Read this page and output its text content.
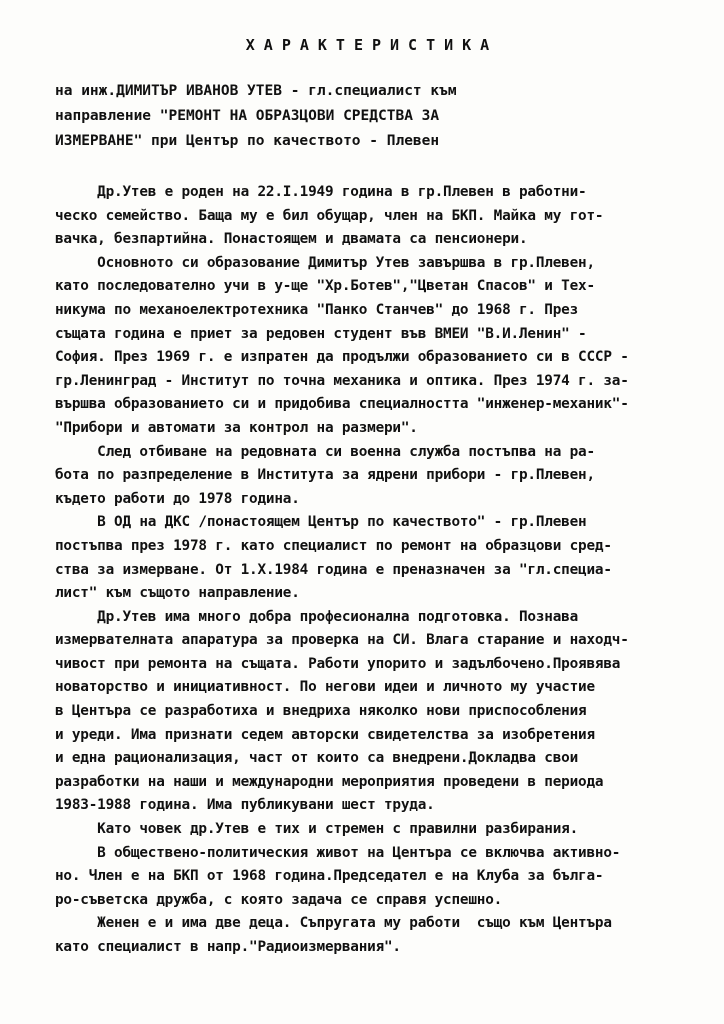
ХАРАКТЕРИСТИКА
на инж.ДИМИТЪР ИВАНОВ УТЕВ - гл.специалист към
направление "РЕМОНТ НА ОБРАЗЦОВИ СРЕДСТВА ЗА
ИЗМЕРВАНЕ" при Център по качеството - Плевен
Др.Утев е роден на 22.I.1949 година в гр.Плевен в работни-
ческо семейство. Баща му е бил обущар, член на БКП. Майка му гот-
вачка, безпартийна. Понастоящем и двамата са пенсионери.
Основното си образование Димитър Утев завършва в гр.Плевен,
като последователно учи в у-ще "Хр.Ботев","Цветан Спасов" и Тех-
никума по механоелектротехника "Панко Станчев" до 1968 г. През
същата година е приет за редовен студент във ВМЕИ "В.И.Ленин" -
София. През 1969 г. е изпратен да продължи образованието си в СССР -
гр.Ленинград - Институт по точна механика и оптика. През 1974 г. за-
вършва образованието си и придобива специалността "инженер-механик"-
"Прибори и автомати за контрол на размери".
След отбиване на редовната си военна служба постъпва на ра-
бота по разпределение в Института за ядрени прибори - гр.Плевен,
където работи до 1978 година.
В ОД на ДКС /понастоящем Център по качеството" - гр.Плевен
постъпва през 1978 г. като специалист по ремонт на образцови сред-
ства за измерване. От 1.X.1984 година е преназначен за "гл.специа-
лист" към същото направление.
Др.Утев има много добра професионална подготовка. Познава
измервателната апаратура за проверка на СИ. Влага старание и находч-
чивост при ремонта на същата. Работи упорито и задълбочено.Проявява
новаторство и инициативност. По негови идеи и личното му участие
в Центъра се разработиха и внедриха няколко нови приспособления
и уреди. Има признати седем авторски свидетелства за изобретения
и една рационализация, част от които са внедрени.Докладва свои
разработки на наши и международни мероприятия проведени в периода
1983-1988 година. Има публикувани шест труда.
Като човек др.Утев е тих и стремен с правилни разбирания.
В обществено-политическия живот на Центъра се включва активно-
но. Член е на БКП от 1968 година.Председател е на Клуба за бълга-
ро-съветска дружба, с която задача се справя успешно.
Женен е и има две деца. Съпругата му работи  също към Центъра
като специалист в напр."Радиоизмервания".
